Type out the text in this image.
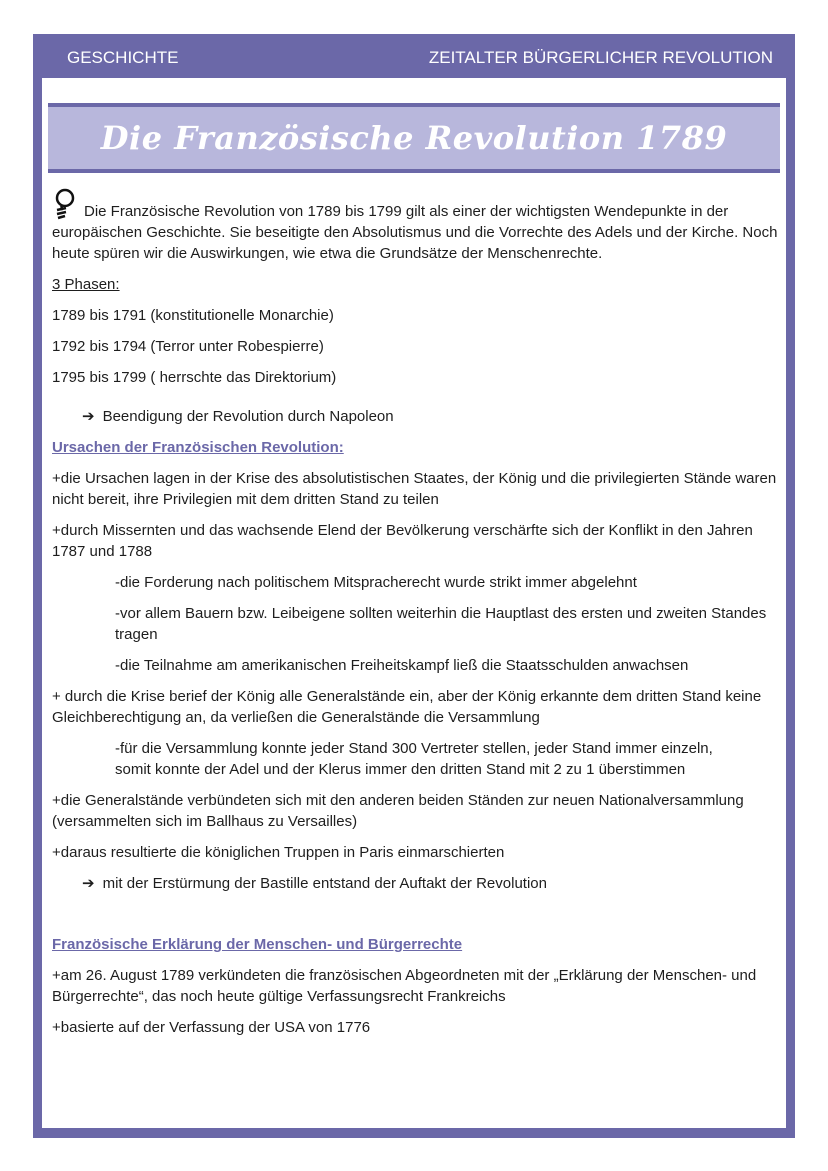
GESCHICHTE	ZEITALTER BÜRGERLICHER REVOLUTION
Die Französische Revolution 1789

Die Französische Revolution von 1789 bis 1799 gilt als einer der wichtigsten Wendepunkte in der europäischen Geschichte. Sie beseitigte den Absolutismus und die Vorrechte des Adels und der Kirche. Noch heute spüren wir die Auswirkungen, wie etwa die Grundsätze der Menschenrechte.

3 Phasen:

1789 bis 1791 (konstitutionelle Monarchie)

1792 bis 1794 (Terror unter Robespierre)

1795 bis 1799 ( herrschte das Direktorium)

➔ Beendigung der Revolution durch Napoleon

Ursachen der Französischen Revolution:

+die Ursachen lagen in der Krise des absolutistischen Staates, der König und die privilegierten Stände waren nicht bereit, ihre Privilegien mit dem dritten Stand zu teilen

+durch Missernten und das wachsende Elend der Bevölkerung verschärfte sich der Konflikt in den Jahren 1787 und 1788

-die Forderung nach politischem Mitspracherecht wurde strikt immer abgelehnt

-vor allem Bauern bzw. Leibeigene sollten weiterhin die Hauptlast des ersten und zweiten Standes tragen

-die Teilnahme am amerikanischen Freiheitskampf ließ die Staatsschulden anwachsen

+ durch die Krise berief der König alle Generalstände ein, aber der König erkannte dem dritten Stand keine Gleichberechtigung an, da verließen die Generalstände die Versammlung

-für die Versammlung konnte jeder Stand 300 Vertreter stellen, jeder Stand immer einzeln, somit konnte der Adel und der Klerus immer den dritten Stand mit 2 zu 1 überstimmen

+die Generalstände verbündeten sich mit den anderen beiden Ständen zur neuen Nationalversammlung (versammelten sich im Ballhaus zu Versailles)

+daraus resultierte die königlichen Truppen in Paris einmarschierten

➔ mit der Erstürmung der Bastille entstand der Auftakt der Revolution

Französische Erklärung der Menschen- und Bürgerrechte

+am 26. August 1789 verkündeten die französischen Abgeordneten mit der „Erklärung der Menschen- und Bürgerrechte“, das noch heute gültige Verfassungsrecht Frankreichs

+basierte auf der Verfassung der USA von 1776
